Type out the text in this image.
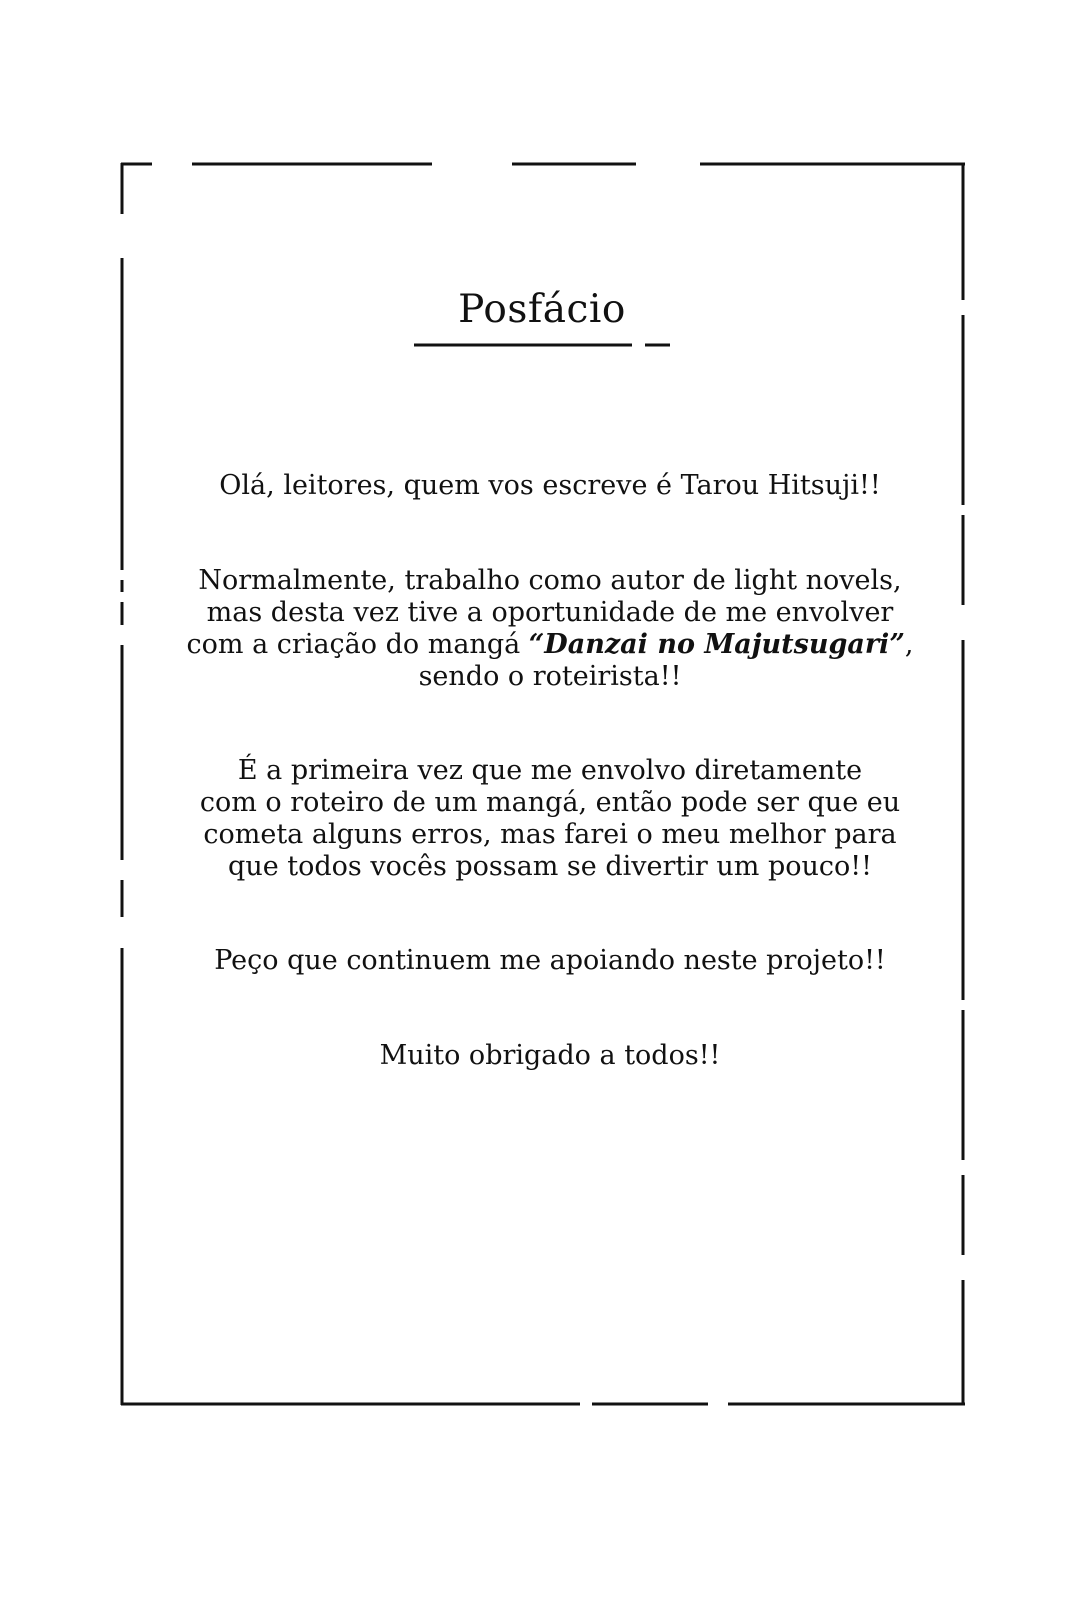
Posfácio

Olá, leitores, quem vos escreve é Tarou Hitsuji!!

Normalmente, trabalho como autor de light novels,
mas desta vez tive a oportunidade de me envolver
com a criação do mangá “Danzai no Majutsugari”,
sendo o roteirista!!

É a primeira vez que me envolvo diretamente
com o roteiro de um mangá, então pode ser que eu
cometa alguns erros, mas farei o meu melhor para
que todos vocês possam se divertir um pouco!!

Peço que continuem me apoiando neste projeto!!

Muito obrigado a todos!!
